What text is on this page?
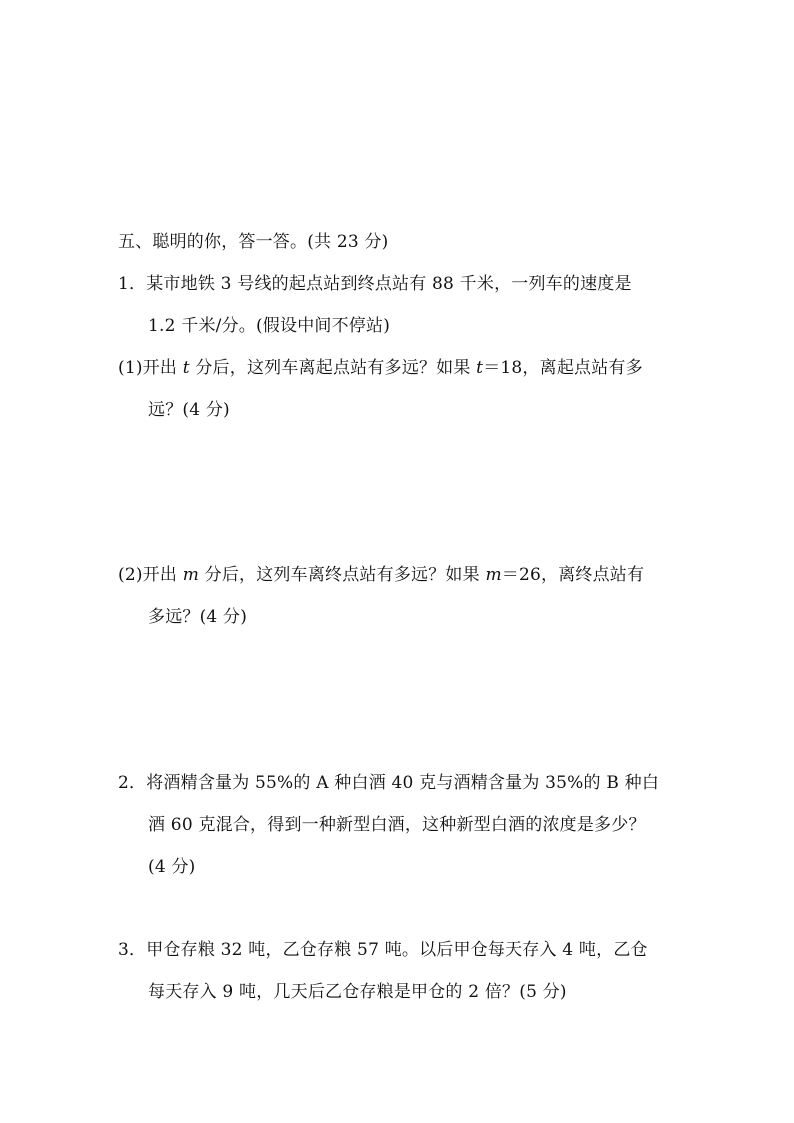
五、聪明的你，答一答。(共 23 分)
1．某市地铁 3 号线的起点站到终点站有 88 千米，一列车的速度是
1.2 千米/分。(假设中间不停站)
(1)开出 t 分后，这列车离起点站有多远？如果 t＝18，离起点站有多
远？(4 分)
(2)开出 m 分后，这列车离终点站有多远？如果 m＝26，离终点站有
多远？(4 分)
2．将酒精含量为 55%的 A 种白酒 40 克与酒精含量为 35%的 B 种白
酒 60 克混合，得到一种新型白酒，这种新型白酒的浓度是多少？
(4 分)
3．甲仓存粮 32 吨，乙仓存粮 57 吨。以后甲仓每天存入 4 吨，乙仓
每天存入 9 吨，几天后乙仓存粮是甲仓的 2 倍？(5 分)
